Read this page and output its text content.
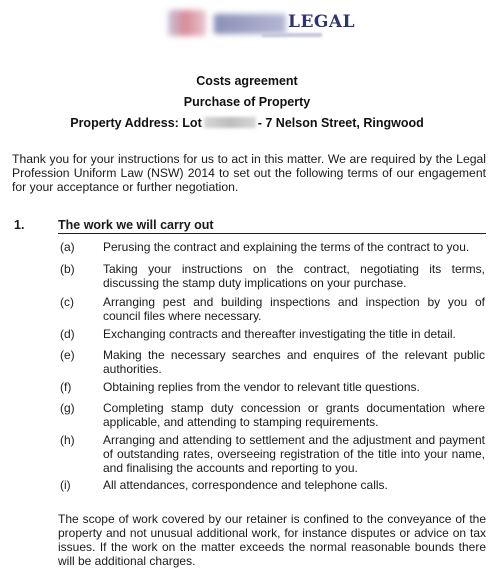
LEGAL
Costs agreement
Purchase of Property
Property Address: Lot	- 7 Nelson Street, Ringwood
Thank you for your instructions for us to act in this matter. We are required by the Legal Profession Uniform Law (NSW) 2014 to set out the following terms of our engagement for your acceptance or further negotiation.
1.	The work we will carry out
(a) Perusing the contract and explaining the terms of the contract to you.
(b) Taking your instructions on the contract, negotiating its terms, discussing the stamp duty implications on your purchase.
(c) Arranging pest and building inspections and inspection by you of council files where necessary.
(d) Exchanging contracts and thereafter investigating the title in detail.
(e) Making the necessary searches and enquires of the relevant public authorities.
(f)	Obtaining replies from the vendor to relevant title questions.
(g) Completing stamp duty concession or grants documentation where applicable, and attending to stamping requirements.
(h) Arranging and attending to settlement and the adjustment and payment of outstanding rates, overseeing registration of the title into your name, and finalising the accounts and reporting to you.
(i)	All attendances, correspondence and telephone calls.
The scope of work covered by our retainer is confined to the conveyance of the property and not unusual additional work, for instance disputes or advice on tax issues. If the work on the matter exceeds the normal reasonable bounds there will be additional charges.
